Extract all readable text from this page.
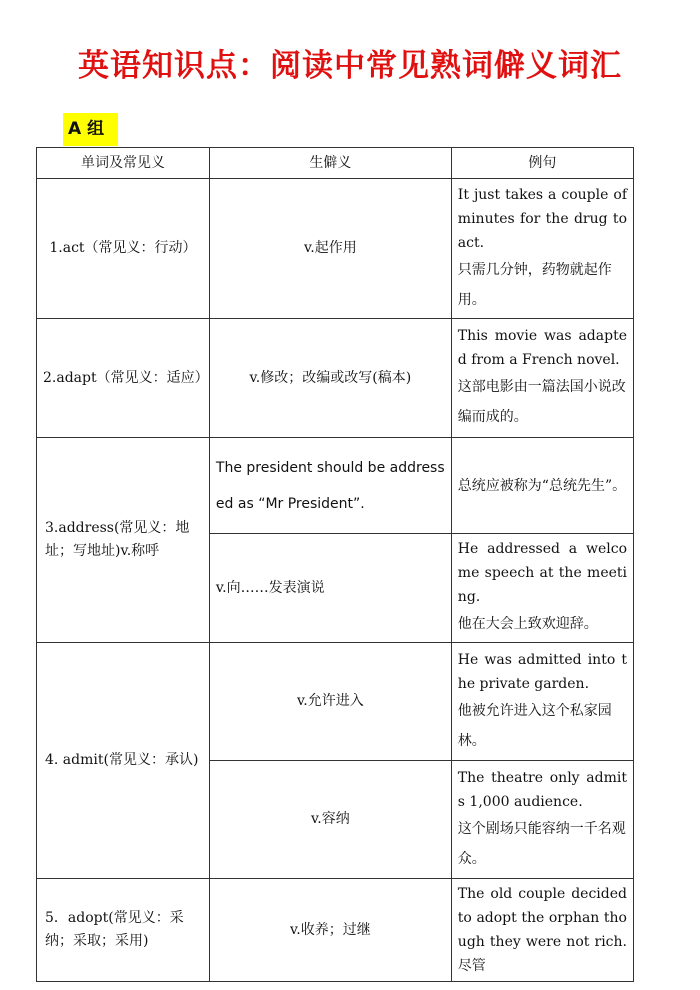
英语知识点：阅读中常见熟词僻义词汇
A 组
单词及常见义	生僻义	例句
1.act（常见义：行动）	v.起作用	It just takes a couple of minutes for the drug to act.
只需几分钟，药物就起作用。

2.adapt（常见义：适应）	v.修改；改编或改写(稿本)	This movie was adapted from a French novel.
这部电影由一篇法国小说改编而成的。

3.address(常见义：地址；写地址)v.称呼	The president should be addressed as “Mr President”.	总统应被称为“总统先生”。

	v.向……发表演说	He addressed a welcome speech at the meeting.
他在大会上致欢迎辞。

4. admit(常见义：承认)	v.允许进入	He was admitted into the private garden.
他被允许进入这个私家园林。

	v.容纳	The theatre only admits 1,000 audience.
这个剧场只能容纳一千名观众。

5．adopt(常见义：采纳；采取；采用)	v.收养；过继	The old couple decided to adopt the orphan though they were not rich.尽管
